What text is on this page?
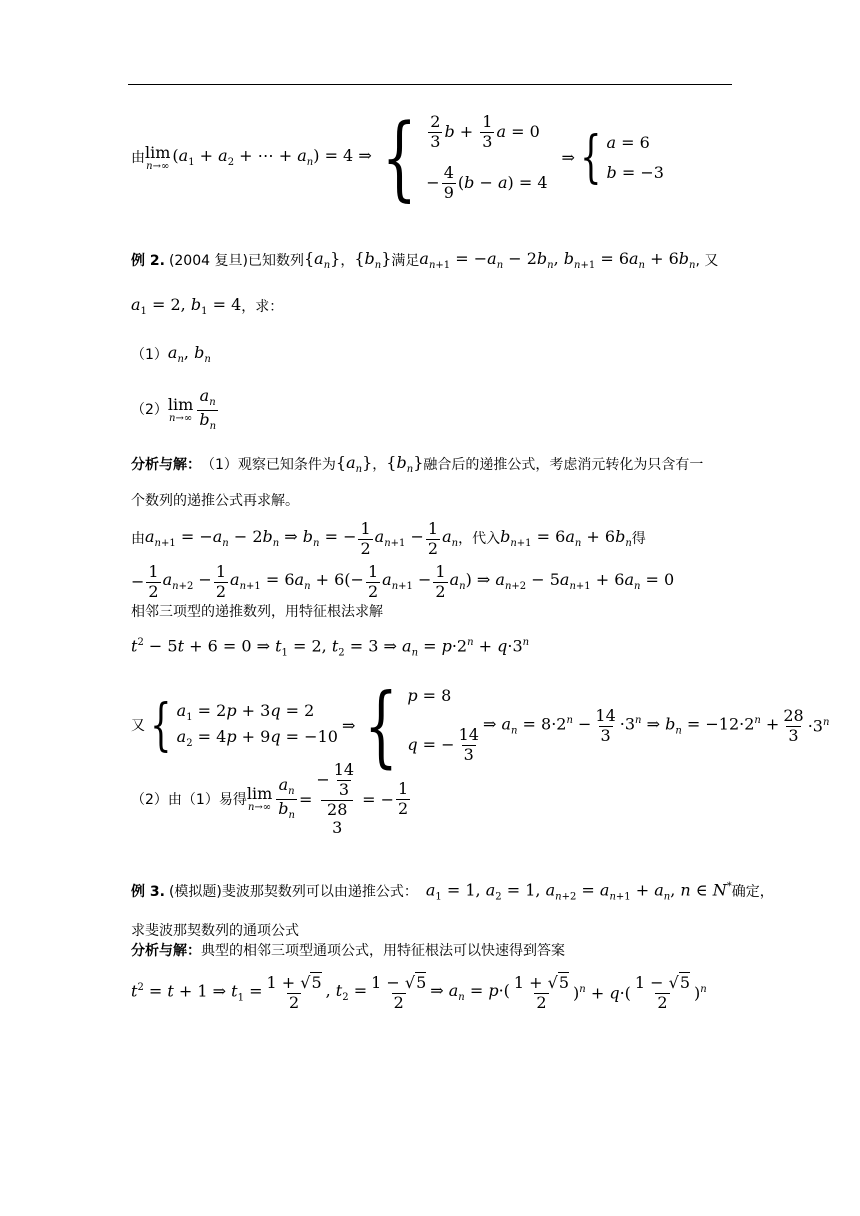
由 lim
n→∞
($a_1 + a_2$ + ⋯ + $a_n) = 4$ ⇒ { $\frac{2}{3}$ $b + \frac{1}{3}$ a = 0
− $\frac{4}{9} (b - a) = 4$
⇒ { a = 6
b = −3
例 2. (2004 复旦) 已知数列 $\{a_n\}$ ， $\{b_n\}$ 满足 $a_{n+1} = -a_n - 2b_n$, $b_{n+1} = 6a_n + 6b_n$ , 又
$a_1 = 2$, $b_1 = 4$ ，求：
（1） $a_n$, $b_n$
（2） lim
$n\to\infty \frac{a_n}{b_n}$
分析与解： （1）观察已知条件为 $\{a_n\}$ ， $\{b_n\}$ 融合后的递推公式，考虑消元转化为只含有一
个数列的递推公式再求解。
由 $a_{n+1} = -a_n - 2b_n$ ⇒ $b_n$ = − $\frac{1}{2} a_{n+1} - \frac{1}{2} a_n$ ，代入 $b_{n+1} = 6a_n + 6b_n$ 得
− $\frac{1}{2} a_{n+2} - \frac{1}{2} a_{n+1} = 6a_n + 6(- \frac{1}{2} a_{n+1} - \frac{1}{2} a_n)$ ⇒ $a_{n+2} - 5a_{n+1} + 6a_n = 0$
相邻三项型的递推数列，用特征根法求解
$t^2 - 5t + 6 = 0$ ⇒ $t_1 = 2$, $t_2 = 3$ ⇒ $a_n = p\cdot 2^n + q\cdot 3^n$
又 { $a_1 = 2p + 3q = 2$
$a_2 = 4p + 9q = -10$
⇒ { p = 8
q = − $\frac{14}{3}$
⇒ $a_n = 8\cdot 2^n - \frac{14}{3} \cdot 3^n$ ⇒ $b_n = -12\cdot 2^n + \frac{28}{3} \cdot 3^n$
（2）由（1）易得 lim
$n\to\infty \frac{a_n}{b_n}$ = − $\frac{14}{3}$
28
3 = − $\frac{1}{2}$
例 3. (模拟题) 斐波那契数列可以由递推公式： $a_1 = 1$, $a_2 = 1$, $a_{n+2} = a_{n+1} + a_n$, n ∈ N* 确定，
求斐波那契数列的通项公式
分析与解： 典型的相邻三项型通项公式，用特征根法可以快速得到答案
$t^2 = t + 1$ ⇒ $t_1 = \frac{1 + √5}{2}$ , $t_2 = \frac{1 - √5}{2}$ ⇒ $a_n = p\cdot( \frac{1 + √5}{2} )^n + q\cdot( \frac{1 - √5}{2} )^n$
